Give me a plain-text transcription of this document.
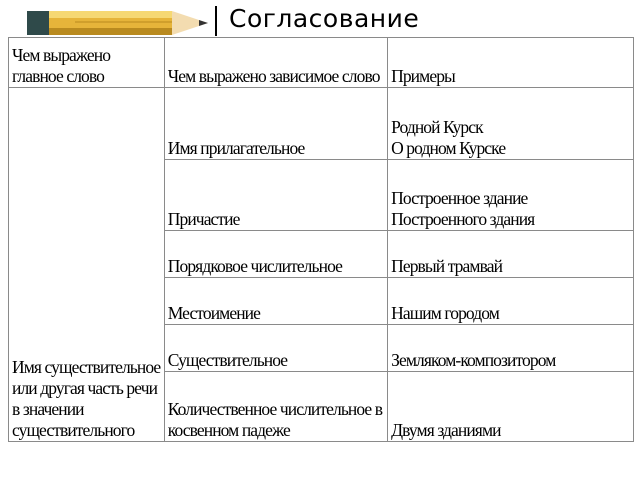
Согласование
Чем выражено главное слово	Чем выражено зависимое слово	Примеры

Имя существительное или другая часть речи в значении существительного	Имя прилагательное	Родной Курск
О родном Курске

	Причастие	Построенное здание
Построенного здания

	Порядковое числительное	Первый трамвай

	Местоимение	Нашим городом

	Существительное	Земляком-композитором

	Количественное числительное в косвенном падеже	Двумя зданиями
